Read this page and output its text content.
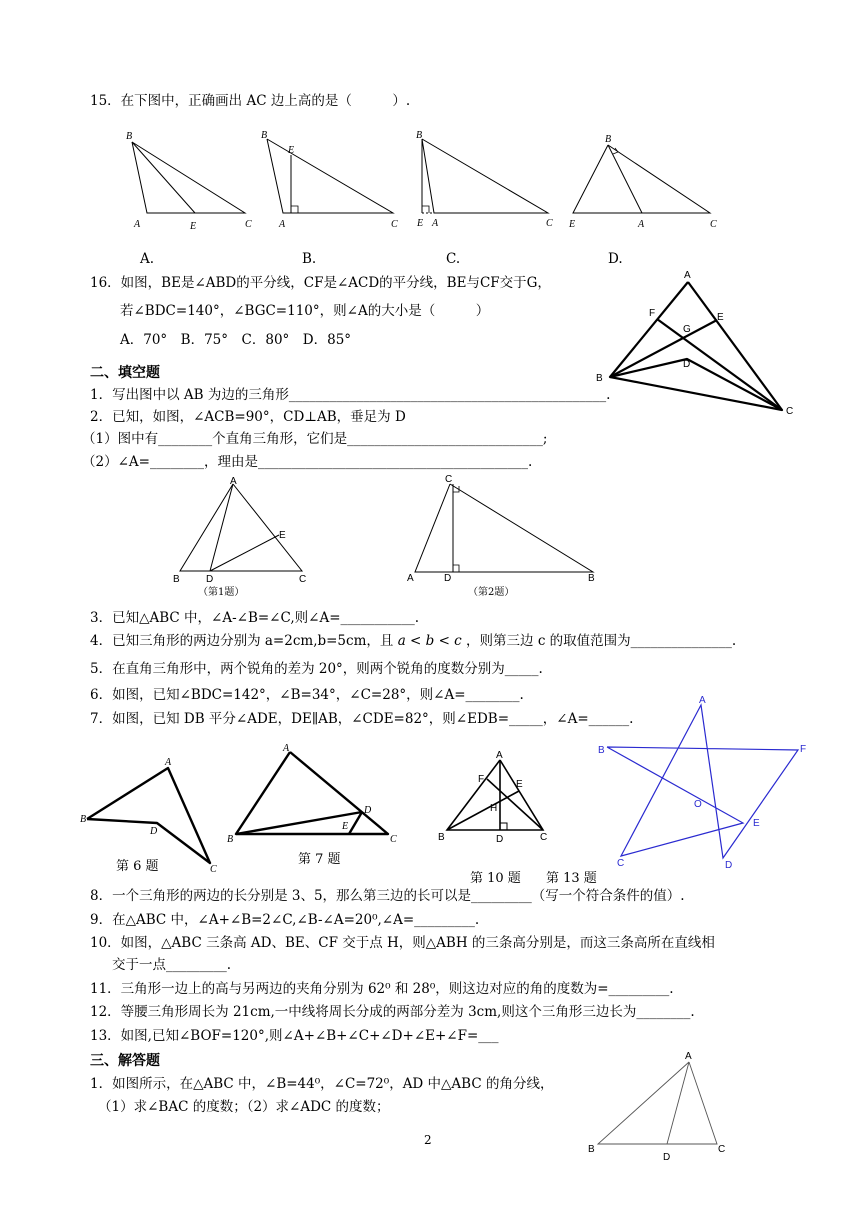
15．在下图中，正确画出 AC 边上高的是（　　　）.
B
A	E	C
B
E
A	C
B
E A	C
B
E	A	C
A.	B.	C.	D.
16．如图，BE是∠ABD的平分线，CF是∠ACD的平分线，BE与CF交于G，
若∠BDC=140°，∠BGC=110°，则∠A的大小是（　　　）
A．70°　B．75°　C．80°　D．85°
A
F	E
G
D
B
C
二、填空题
1．写出图中以 AB 为边的三角形_______________________________________________.
2．已知，如图，∠ACB=90°，CD⊥AB，垂足为 D
（1）图中有________个直角三角形，它们是_____________________________;
（2）∠A=________，理由是________________________________________.
A
E
B	D	C
（第1题）
C
A	D	B
（第2题）
3．已知△ABC 中，∠A-∠B=∠C,则∠A=___________.
4．已知三角形的两边分别为 a=2cm,b=5cm，且 a < b < c ，则第三边 c 的取值范围为_______________.
5．在直角三角形中，两个锐角的差为 20°，则两个锐角的度数分别为_____.
6．如图，已知∠BDC=142°，∠B=34°，∠C=28°，则∠A=________.
7．如图，已知 DB 平分∠ADE，DE∥AB，∠CDE=82°，则∠EDB=_____，∠A=______.
A
B
D
C
第 6 题
A
B
D
E
C
第 7 题
A
F	E
H
B	D	C
第 10 题 第 13 题
A
B	F
O
E
C	D
8．一个三角形的两边的长分别是 3、5，那么第三边的长可以是_________（写一个符合条件的值）.
9．在△ABC 中，∠A+∠B=2∠C,∠B-∠A=20⁰,∠A=_________.
10．如图，△ABC 三条高 AD、BE、CF 交于点 H，则△ABH 的三条高分别是，而这三条高所在直线相
交于一点_________.
11．三角形一边上的高与另两边的夹角分别为 62⁰ 和 28⁰，则这边对应的角的度数为=_________.
12．等腰三角形周长为 21cm,一中线将周长分成的两部分差为 3cm,则这个三角形三边长为________.
13．如图,已知∠BOF=120°,则∠A+∠B+∠C+∠D+∠E+∠F=___
三、解答题
1．如图所示，在△ABC 中，∠B=44⁰，∠C=72⁰，AD 中△ABC 的角分线，
（1）求∠BAC 的度数；（2）求∠ADC 的度数；
A
B
D
C
2
